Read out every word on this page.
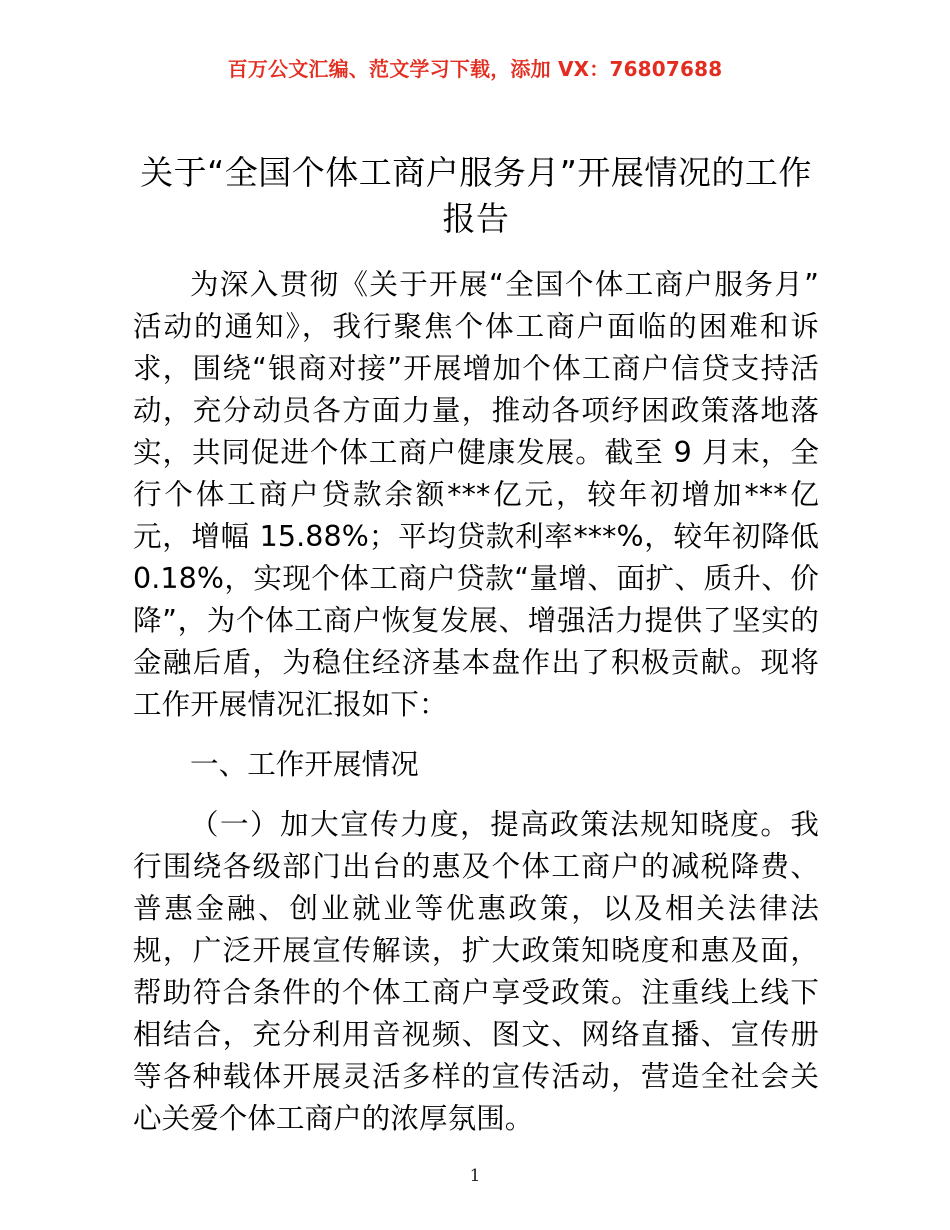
百万公文汇编、范文学习下载，添加 VX：76807688
关于“全国个体工商户服务月”开展情况的工作报告

为深入贯彻《关于开展“全国个体工商户服务月”活动的通知》，我行聚焦个体工商户面临的困难和诉求，围绕“银商对接”开展增加个体工商户信贷支持活动，充分动员各方面力量，推动各项纾困政策落地落实，共同促进个体工商户健康发展。截至 9 月末，全行个体工商户贷款余额***亿元，较年初增加***亿元，增幅 15.88%；平均贷款利率***%，较年初降低 0.18%，实现个体工商户贷款“量增、面扩、质升、价降”，为个体工商户恢复发展、增强活力提供了坚实的金融后盾，为稳住经济基本盘作出了积极贡献。现将工作开展情况汇报如下：

一、工作开展情况

（一）加大宣传力度，提高政策法规知晓度。我行围绕各级部门出台的惠及个体工商户的减税降费、普惠金融、创业就业等优惠政策，以及相关法律法规，广泛开展宣传解读，扩大政策知晓度和惠及面，帮助符合条件的个体工商户享受政策。注重线上线下相结合，充分利用音视频、图文、网络直播、宣传册等各种载体开展灵活多样的宣传活动，营造全社会关心关爱个体工商户的浓厚氛围。

1
